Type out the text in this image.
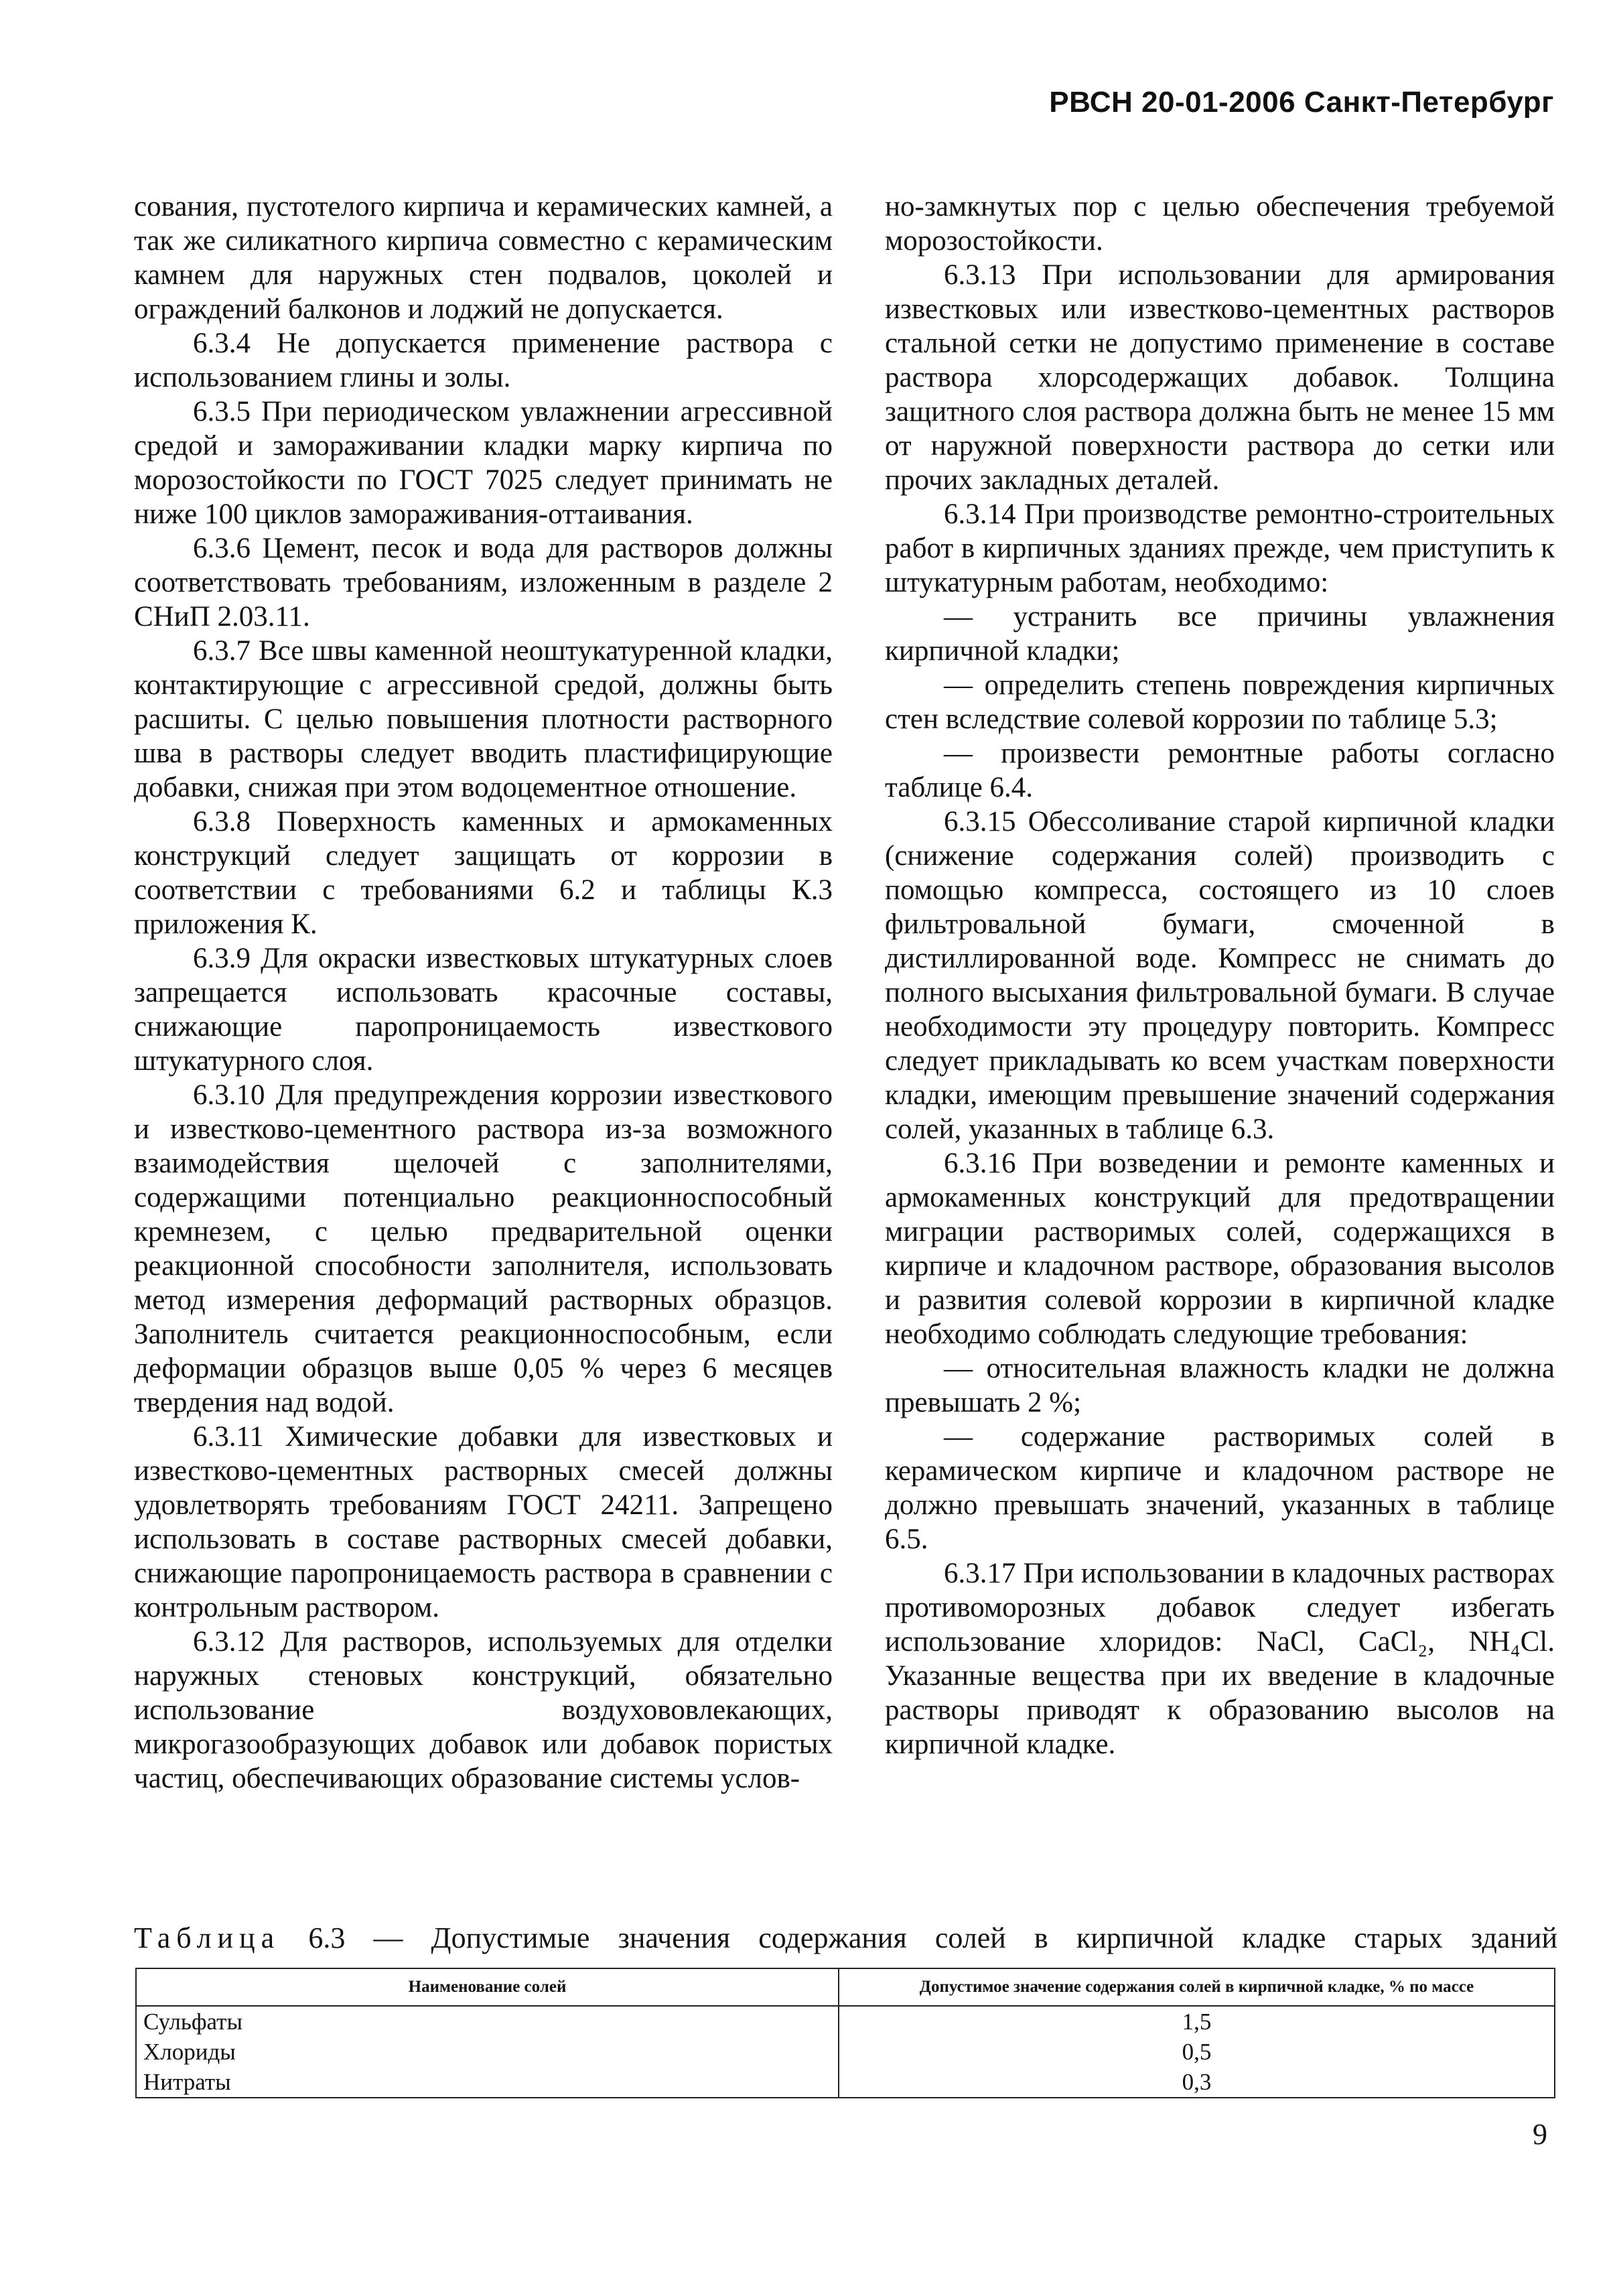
РВСН 20-01-2006 Санкт-Петербург

сования, пустотелого кирпича и керамических камней, а так же силикатного кирпича совместно с керамическим камнем для наружных стен подвалов, цоколей и ограждений балконов и лоджий не допускается.

6.3.4 Не допускается применение раствора с использованием глины и золы.

6.3.5 При периодическом увлажнении агрессивной средой и замораживании кладки марку кирпича по морозостойкости по ГОСТ 7025 следует принимать не ниже 100 циклов замораживания-оттаивания.

6.3.6 Цемент, песок и вода для растворов должны соответствовать требованиям, изложенным в разделе 2 СНиП 2.03.11.

6.3.7 Все швы каменной неоштукатуренной кладки, контактирующие с агрессивной средой, должны быть расшиты. С целью повышения плотности растворного шва в растворы следует вводить пластифицирующие добавки, снижая при этом водоцементное отношение.

6.3.8 Поверхность каменных и армокаменных конструкций следует защищать от коррозии в соответствии с требованиями 6.2 и таблицы К.3 приложения К.

6.3.9 Для окраски известковых штукатурных слоев запрещается использовать красочные составы, снижающие паропроницаемость известкового штукатурного слоя.

6.3.10 Для предупреждения коррозии известкового и известково-цементного раствора из-за возможного взаимодействия щелочей с заполнителями, содержащими потенциально реакционноспособный кремнезем, с целью предварительной оценки реакционной способности заполнителя, использовать метод измерения деформаций растворных образцов. Заполнитель считается реакционноспособным, если деформации образцов выше 0,05 % через 6 месяцев твердения над водой.

6.3.11 Химические добавки для известковых и известково-цементных растворных смесей должны удовлетворять требованиям ГОСТ 24211. Запрещено использовать в составе растворных смесей добавки, снижающие паропроницаемость раствора в сравнении с контрольным раствором.

6.3.12 Для растворов, используемых для отделки наружных стеновых конструкций, обязательно использование воздухововлекающих, микрогазообразующих добавок или добавок пористых частиц, обеспечивающих образование системы услов-

но-замкнутых пор с целью обеспечения требуемой морозостойкости.

6.3.13 При использовании для армирования известковых или известково-цементных растворов стальной сетки не допустимо применение в составе раствора хлорсодержащих добавок. Толщина защитного слоя раствора должна быть не менее 15 мм от наружной поверхности раствора до сетки или прочих закладных деталей.

6.3.14 При производстве ремонтно-строительных работ в кирпичных зданиях прежде, чем приступить к штукатурным работам, необходимо:

— устранить все причины увлажнения кирпичной кладки;

— определить степень повреждения кирпичных стен вследствие солевой коррозии по таблице 5.3;

— произвести ремонтные работы согласно таблице 6.4.

6.3.15 Обессоливание старой кирпичной кладки (снижение содержания солей) производить с помощью компресса, состоящего из 10 слоев фильтровальной бумаги, смоченной в дистиллированной воде. Компресс не снимать до полного высыхания фильтровальной бумаги. В случае необходимости эту процедуру повторить. Компресс следует прикладывать ко всем участкам поверхности кладки, имеющим превышение значений содержания солей, указанных в таблице 6.3.

6.3.16 При возведении и ремонте каменных и армокаменных конструкций для предотвращении миграции растворимых солей, содержащихся в кирпиче и кладочном растворе, образования высолов и развития солевой коррозии в кирпичной кладке необходимо соблюдать следующие требования:

— относительная влажность кладки не должна превышать 2 %;

— содержание растворимых солей в керамическом кирпиче и кладочном растворе не должно превышать значений, указанных в таблице 6.5.

6.3.17 При использовании в кладочных растворах противоморозных добавок следует избегать использование хлоридов: NaCl, CaCl₂, NH₄Cl. Указанные вещества при их введение в кладочные растворы приводят к образованию высолов на кирпичной кладке.

Таблица 6.3 — Допустимые значения содержания солей в кирпичной кладке старых зданий
Наименование солей	Допустимое значение содержания солей в кирпичной кладке, % по массе
Сульфаты	1,5
Хлориды	0,5
Нитраты	0,3
9
